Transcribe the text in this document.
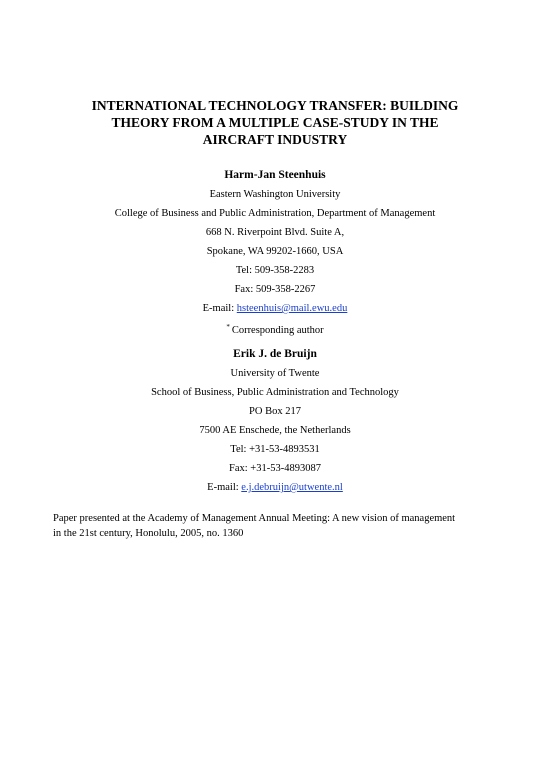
INTERNATIONAL TECHNOLOGY TRANSFER: BUILDING
THEORY FROM A MULTIPLE CASE-STUDY IN THE
AIRCRAFT INDUSTRY
Harm-Jan Steenhuis
Eastern Washington University
College of Business and Public Administration, Department of Management
668 N. Riverpoint Blvd. Suite A,
Spokane, WA 99202-1660, USA
Tel: 509-358-2283
Fax: 509-358-2267
E-mail: hsteenhuis@mail.ewu.edu
* Corresponding author
Erik J. de Bruijn
University of Twente
School of Business, Public Administration and Technology
PO Box 217
7500 AE Enschede, the Netherlands
Tel: +31-53-4893531
Fax: +31-53-4893087
E-mail: e.j.debruijn@utwente.nl
Paper presented at the Academy of Management Annual Meeting: A new vision of management
in the 21st century, Honolulu, 2005, no. 1360
